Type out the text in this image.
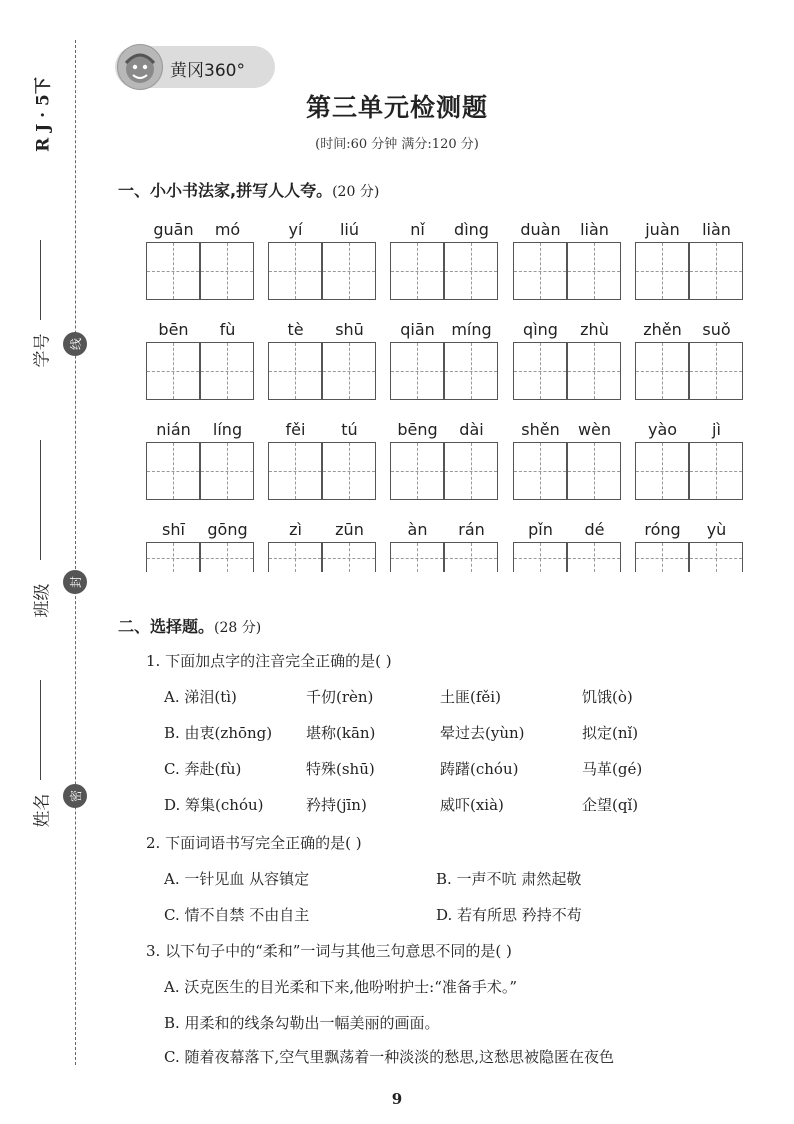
R J · 5下
学号
班级
姓名
线
封
密
黄冈360°
第三单元检测题
(时间:60 分钟 满分:120 分)
一、小小书法家,拼写人人夸。(20 分)
guān	mó	yí	liú	nǐ	dìng	duàn	liàn	juàn	liàn
bēn	fù	tè	shū	qiān	míng	qìng	zhù	zhěn	suǒ
nián	líng	fěi	tú	bēng	dài	shěn	wèn	yào	jì
shī	gōng	zì	zūn	àn	rán	pǐn	dé	róng	yù
二、选择题。(28 分)
1. 下面加点字的注音完全正确的是( )
A. 涕泪(tì)	千仞(rèn)	土匪(fěi)	饥饿(ò)
B. 由衷(zhōng) 堪称(kān)	晕过去(yùn)	拟定(nǐ)
C. 奔赴(fù)	特殊(shū)	踌躇(chóu)	马革(gé)
D. 筹集(chóu)	矜持(jīn)	威吓(xià)	企望(qǐ)
2. 下面词语书写完全正确的是( )
A. 一针见血 从容镇定	B. 一声不吭 肃然起敬
C. 情不自禁 不由自主	D. 若有所思 矜持不苟
3. 以下句子中的“柔和”一词与其他三句意思不同的是( )
A. 沃克医生的目光柔和下来,他吩咐护士:“准备手术。”
B. 用柔和的线条勾勒出一幅美丽的画面。
C. 随着夜幕落下,空气里飘荡着一种淡淡的愁思,这愁思被隐匿在夜色
9
